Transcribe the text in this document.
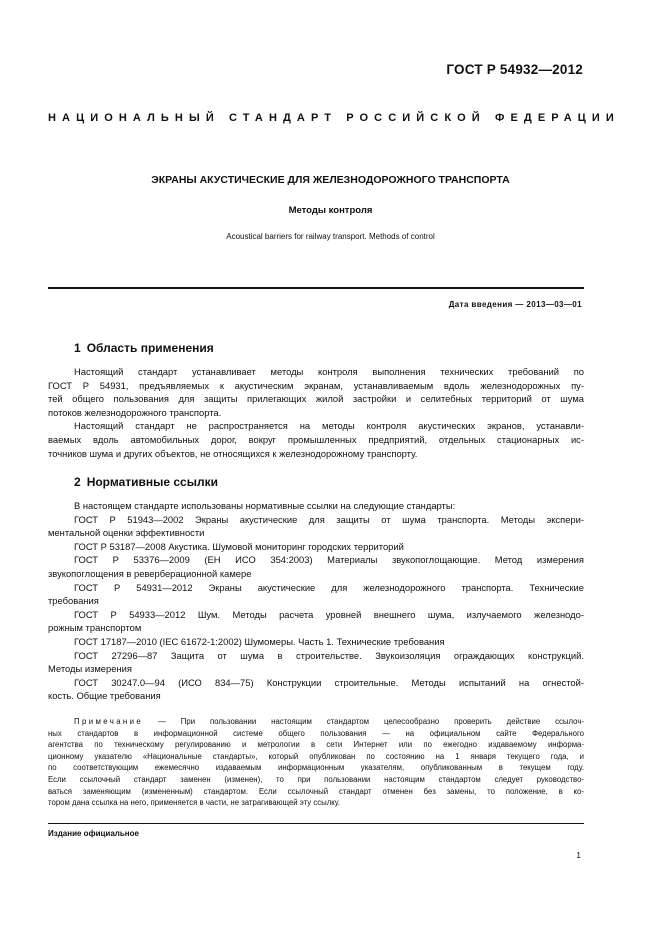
ГОСТ Р 54932—2012
НАЦИОНАЛЬНЫЙ СТАНДАРТ РОССИЙСКОЙ ФЕДЕРАЦИИ
ЭКРАНЫ АКУСТИЧЕСКИЕ ДЛЯ ЖЕЛЕЗНОДОРОЖНОГО ТРАНСПОРТА
Методы контроля
Acoustical barriers for railway transport. Methods of control
Дата введения — 2013—03—01
1 Область применения
Настоящий стандарт устанавливает методы контроля выполнения технических требований по
ГОСТ Р 54931, предъявляемых к акустическим экранам, устанавливаемым вдоль железнодорожных пу-
тей общего пользования для защиты прилегающих жилой застройки и селитебных территорий от шума
потоков железнодорожного транспорта.
Настоящий стандарт не распространяется на методы контроля акустических экранов, устанавли-
ваемых вдоль автомобильных дорог, вокруг промышленных предприятий, отдельных стационарных ис-
точников шума и других объектов, не относящихся к железнодорожному транспорту.
2 Нормативные ссылки
В настоящем стандарте использованы нормативные ссылки на следующие стандарты:
ГОСТ Р 51943—2002 Экраны акустические для защиты от шума транспорта. Методы экспери-
ментальной оценки эффективности
ГОСТ Р 53187—2008 Акустика. Шумовой мониторинг городских территорий
ГОСТ Р 53376—2009 (ЕН ИСО 354:2003) Материалы звукопоглощающие. Метод измерения
звукопоглощения в реверберационной камере
ГОСТ Р 54931—2012 Экраны акустические для железнодорожного транспорта. Технические
требования
ГОСТ Р 54933—2012 Шум. Методы расчета уровней внешнего шума, излучаемого железнодо-
рожным транспортом
ГОСТ 17187—2010 (IEC 61672-1:2002) Шумомеры. Часть 1. Технические требования
ГОСТ 27296—87 Защита от шума в строительстве. Звукоизоляция ограждающих конструкций.
Методы измерения
ГОСТ 30247.0—94 (ИСО 834—75) Конструкции строительные. Методы испытаний на огнестой-
кость. Общие требования
Примечание — При пользовании настоящим стандартом целесообразно проверить действие ссылоч-
ных стандартов в информационной системе общего пользования — на официальном сайте Федерального
агентства по техническому регулированию и метрологии в сети Интернет или по ежегодно издаваемому информа-
ционному указателю «Национальные стандарты», который опубликован по состоянию на 1 января текущего года, и
по соответствующим ежемесячно издаваемым информационным указателям, опубликованным в текущем году.
Если ссылочный стандарт заменен (изменен), то при пользовании настоящим стандартом следует руководство-
ваться заменяющим (измененным) стандартом. Если ссылочный стандарт отменен без замены, то положение, в ко-
тором дана ссылка на него, применяется в части, не затрагивающей эту ссылку.
Издание официальное
1
